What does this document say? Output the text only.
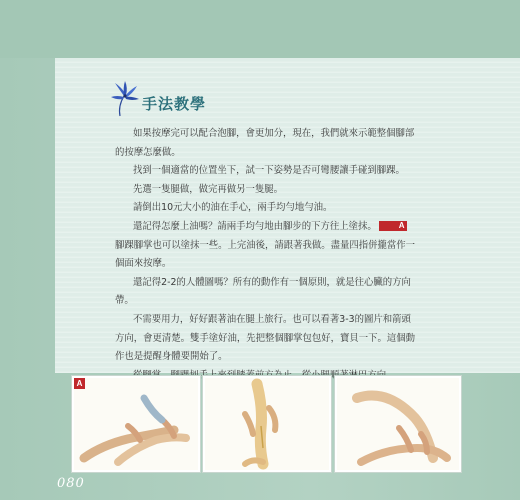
手法教學

如果按摩完可以配合泡腳，會更加分，現在，我們就來示範整個腳部的按摩怎麼做。

找到一個適當的位置坐下，試一下姿勢是否可彎腰讓手碰到腳踝。

先選一隻腿做，做完再做另一隻腿。

請倒出10元大小的油在手心，兩手均勻地勻油。

還記得怎麼上油嗎？請兩手均勻地由腳步的下方往上塗抹。	A腳踝腳掌也可以塗抹一些。上完油後，請跟著我做。盡量四指併攏當作一個面來按摩。

還記得2-2的人體圖嗎？所有的動作有一個原則，就是往心臟的方向帶。

不需要用力，好好跟著油在腿上旅行。也可以看著3-3的圖片和箭頭方向，會更清楚。雙手塗好油，先把整個腳掌包包好，寶貝一下。這個動作也是提醒身體要開始了。

A
080
